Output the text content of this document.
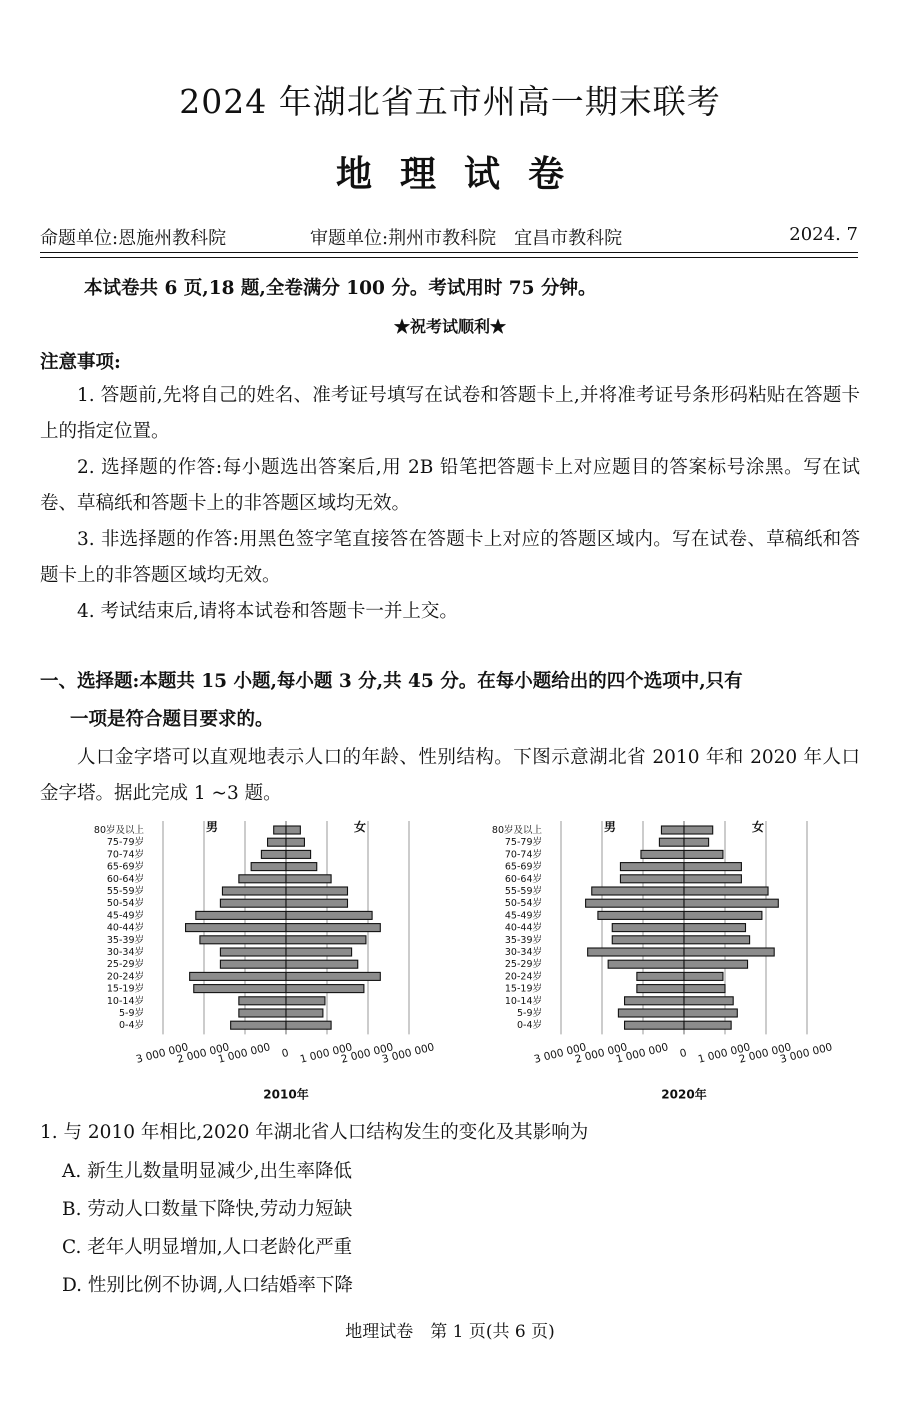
2024 年湖北省五市州高一期末联考
地理试卷
命题单位:恩施州教科院	审题单位:荆州市教科院　宜昌市教科院	2024. 7
本试卷共 6 页,18 题,全卷满分 100 分。考试用时 75 分钟。
★祝考试顺利★
注意事项:
1. 答题前,先将自己的姓名、准考证号填写在试卷和答题卡上,并将准考证号条形码粘贴在答题卡上的指定位置。
2. 选择题的作答:每小题选出答案后,用 2B 铅笔把答题卡上对应题目的答案标号涂黑。写在试卷、草稿纸和答题卡上的非答题区域均无效。
3. 非选择题的作答:用黑色签字笔直接答在答题卡上对应的答题区域内。写在试卷、草稿纸和答题卡上的非答题区域均无效。
4. 考试结束后,请将本试卷和答题卡一并上交。
一、选择题:本题共 15 小题,每小题 3 分,共 45 分。在每小题给出的四个选项中,只有
一项是符合题目要求的。
人口金字塔可以直观地表示人口的年龄、性别结构。下图示意湖北省 2010 年和 2020 年人口金字塔。据此完成 1 ~3 题。
男	女
80岁及以上
75-79岁
70-74岁
65-69岁
60-64岁
55-59岁
50-54岁
45-49岁
40-44岁
35-39岁
30-34岁
25-29岁
20-24岁
15-19岁
10-14岁
5-9岁
0-4岁
3 000 000
2 000 000
1 000 000 0 1 000 000
2 000 000
3 000 000
2010年
男	女
80岁及以上
75-79岁
70-74岁
65-69岁
60-64岁
55-59岁
50-54岁
45-49岁
40-44岁
35-39岁
30-34岁
25-29岁
20-24岁
15-19岁
10-14岁
5-9岁
0-4岁
3 000 000
2 000 000
1 000 000 0 1 000 000
2 000 000
3 000 000
2020年
1. 与 2010 年相比,2020 年湖北省人口结构发生的变化及其影响为
A. 新生儿数量明显减少,出生率降低
B. 劳动人口数量下降快,劳动力短缺
C. 老年人明显增加,人口老龄化严重
D. 性别比例不协调,人口结婚率下降
地理试卷　第 1 页(共 6 页)
